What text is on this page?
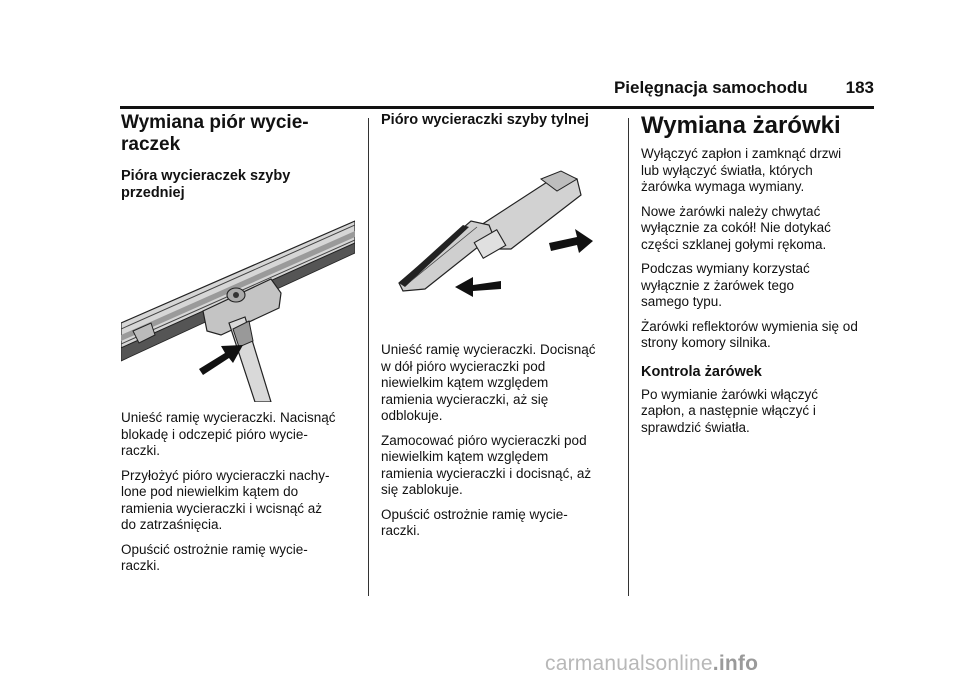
Pielęgnacja samochodu 183
Wymiana piór wycie-
raczek
Pióra wycieraczek szyby
przedniej

Unieść ramię wycieraczki. Nacisnąć
blokadę i odczepić pióro wycie-
raczki.

Przyłożyć pióro wycieraczki nachy-
lone pod niewielkim kątem do
ramienia wycieraczki i wcisnąć aż
do zatrzaśnięcia.

Opuścić ostrożnie ramię wycie-
raczki.

Pióro wycieraczki szyby tylnej

Unieść ramię wycieraczki. Docisnąć
w dół pióro wycieraczki pod
niewielkim kątem względem
ramienia wycieraczki, aż się
odblokuje.

Zamocować pióro wycieraczki pod
niewielkim kątem względem
ramienia wycieraczki i docisnąć, aż
się zablokuje.

Opuścić ostrożnie ramię wycie-
raczki.

Wymiana żarówki

Wyłączyć zapłon i zamknąć drzwi
lub wyłączyć światła, których
żarówka wymaga wymiany.

Nowe żarówki należy chwytać
wyłącznie za cokół! Nie dotykać
części szklanej gołymi rękoma.

Podczas wymiany korzystać
wyłącznie z żarówek tego
samego typu.

Żarówki reflektorów wymienia się od
strony komory silnika.

Kontrola żarówek

Po wymianie żarówki włączyć
zapłon, a następnie włączyć i
sprawdzić światła.

carmanualsonline.info
